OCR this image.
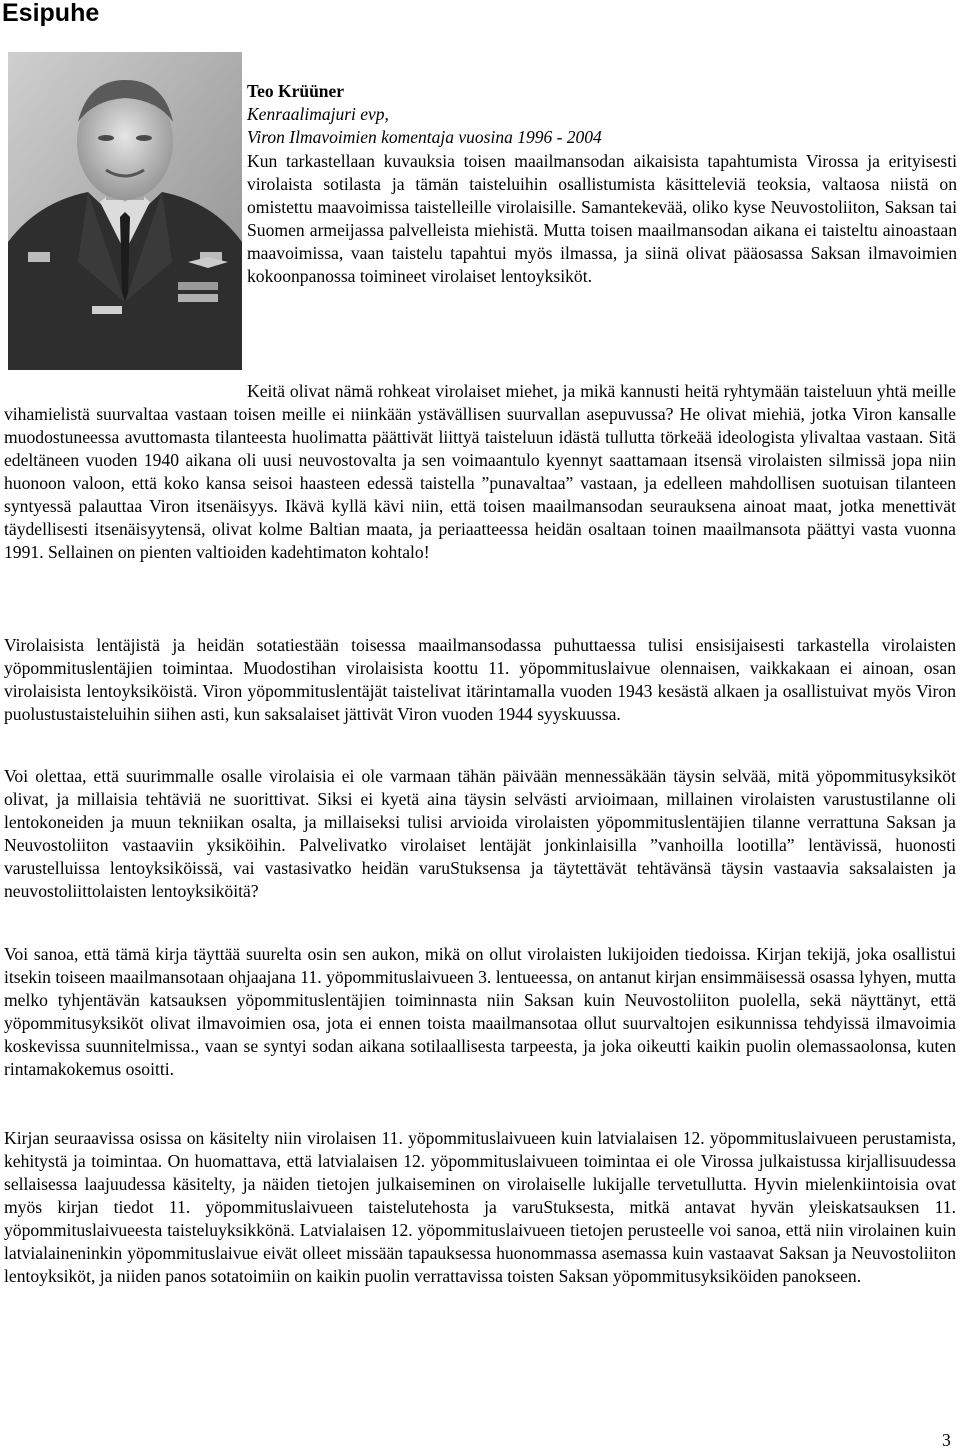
Esipuhe
Teo Krüüner
Kenraalimajuri evp,
Viron Ilmavoimien komentaja vuosina 1996 - 2004

Kun tarkastellaan kuvauksia toisen maailmansodan aikaisista tapahtumista Virossa ja erityisesti virolaista sotilasta ja tämän taisteluihin osallistumista käsitteleviä teoksia, valtaosa niistä on omistettu maavoimissa taistelleille virolaisille. Samantekevää, oliko kyse Neuvostoliiton, Saksan tai Suomen armeijassa palvelleista miehistä. Mutta toisen maailmansodan aikana ei taisteltu ainoastaan maavoimissa, vaan taistelu tapahtui myös ilmassa, ja siinä olivat pääosassa Saksan ilmavoimien kokoonpanossa toimineet virolaiset lentoyksiköt.

Keitä olivat nämä rohkeat virolaiset miehet, ja mikä kannusti heitä ryhtymään taisteluun yhtä meille vihamielistä suurvaltaa vastaan toisen meille ei niinkään ystävällisen suurvallan asepuvussa? He olivat miehiä, jotka Viron kansalle muodostuneessa avuttomasta tilanteesta huolimatta päättivät liittyä taisteluun idästä tullutta törkeää ideologista ylivaltaa vastaan. Sitä edeltäneen vuoden 1940 aikana oli uusi neuvostovalta ja sen voimaantulo kyennyt saattamaan itsensä virolaisten silmissä jopa niin huonoon valoon, että koko kansa seisoi haasteen edessä taistella ”punavaltaa” vastaan, ja edelleen mahdollisen suotuisan tilanteen syntyessä palauttaa Viron itsenäisyys. Ikävä kyllä kävi niin, että toisen maailmansodan seurauksena ainoat maat, jotka menettivät täydellisesti itsenäisyytensä, olivat kolme Baltian maata, ja periaatteessa heidän osaltaan toinen maailmansota päättyi vasta vuonna 1991. Sellainen on pienten valtioiden kadehtimaton kohtalo!

Virolaisista lentäjistä ja heidän sotatiestään toisessa maailmansodassa puhuttaessa tulisi ensisijaisesti tarkastella virolaisten yöpommituslentäjien toimintaa. Muodostihan virolaisista koottu 11. yöpommituslaivue olennaisen, vaikkakaan ei ainoan, osan virolaisista lentoyksiköistä. Viron yöpommituslentäjät taistelivat itärintamalla vuoden 1943 kesästä alkaen ja osallistuivat myös Viron puolustustaisteluihin siihen asti, kun saksalaiset jättivät Viron vuoden 1944 syyskuussa.

Voi olettaa, että suurimmalle osalle virolaisia ei ole varmaan tähän päivään mennessäkään täysin selvää, mitä yöpommitusyksiköt olivat, ja millaisia tehtäviä ne suorittivat. Siksi ei kyetä aina täysin selvästi arvioimaan, millainen virolaisten varustustilanne oli lentokoneiden ja muun tekniikan osalta, ja millaiseksi tulisi arvioida virolaisten yöpommituslentäjien tilanne verrattuna Saksan ja Neuvostoliiton vastaaviin yksiköihin. Palvelivatko virolaiset lentäjät jonkinlaisilla ”vanhoilla lootilla” lentävissä, huonosti varustelluissa lentoyksiköissä, vai vastasivatko heidän varuStuksensa ja täytettävät tehtävänsä täysin vastaavia saksalaisten ja neuvostoliittolaisten lentoyksiköitä?

Voi sanoa, että tämä kirja täyttää suurelta osin sen aukon, mikä on ollut virolaisten lukijoiden tiedoissa. Kirjan tekijä, joka osallistui itsekin toiseen maailmansotaan ohjaajana 11. yöpommituslaivueen 3. lentueessa, on antanut kirjan ensimmäisessä osassa lyhyen, mutta melko tyhjentävän katsauksen yöpommituslentäjien toiminnasta niin Saksan kuin Neuvostoliiton puolella, sekä näyttänyt, että yöpommitusyksiköt olivat ilmavoimien osa, jota ei ennen toista maailmansotaa ollut suurvaltojen esikunnissa tehdyissä ilmavoimia koskevissa suunnitelmissa., vaan se syntyi sodan aikana sotilaallisesta tarpeesta, ja joka oikeutti kaikin puolin olemassaolonsa, kuten rintamakokemus osoitti.

Kirjan seuraavissa osissa on käsitelty niin virolaisen 11. yöpommituslaivueen kuin latvialaisen 12. yöpommituslaivueen perustamista, kehitystä ja toimintaa. On huomattava, että latvialaisen 12. yöpommituslaivueen toimintaa ei ole Virossa julkaistussa kirjallisuudessa sellaisessa laajuudessa käsitelty, ja näiden tietojen julkaiseminen on virolaiselle lukijalle tervetullutta. Hyvin mielenkiintoisia ovat myös kirjan tiedot 11. yöpommituslaivueen taistelutehosta ja varuStuksesta, mitkä antavat hyvän yleiskatsauksen 11. yöpommituslaivueesta taisteluyksikkönä. Latvialaisen 12. yöpommituslaivueen tietojen perusteelle voi sanoa, että niin virolainen kuin latvialaineninkin yöpommituslaivue eivät olleet missään tapauksessa huonommassa asemassa kuin vastaavat Saksan ja Neuvostoliiton lentoyksiköt, ja niiden panos sotatoimiin on kaikin puolin verrattavissa toisten Saksan yöpommitusyksiköiden panokseen.

3
